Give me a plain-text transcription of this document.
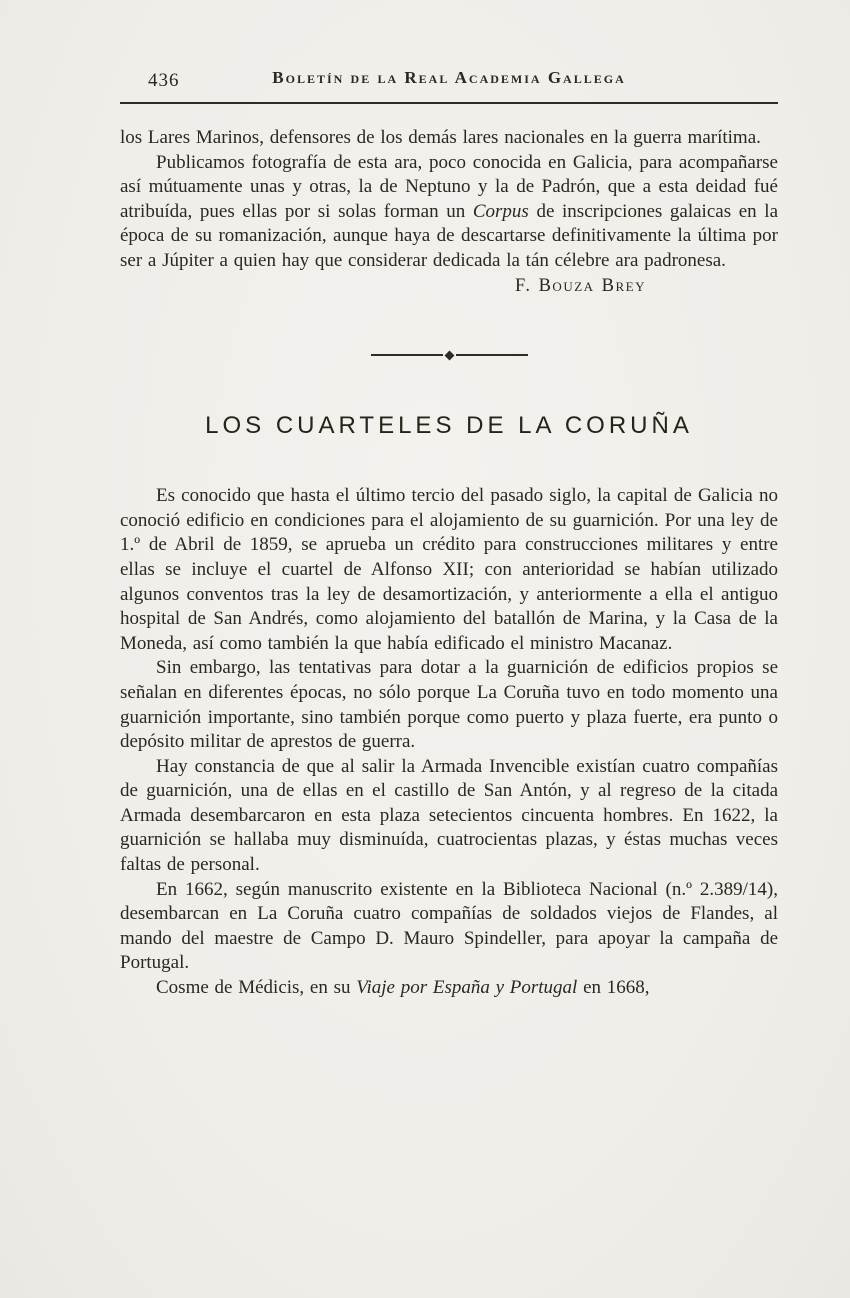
436	Boletín de la Real Academia Gallega

los Lares Marinos, defensores de los demás lares nacionales en la guerra marítima.

Publicamos fotografía de esta ara, poco conocida en Galicia, para acompañarse así mútuamente unas y otras, la de Neptuno y la de Padrón, que a esta deidad fué atribuída, pues ellas por si solas forman un Corpus de inscripciones galaicas en la época de su romanización, aunque haya de descartarse definitivamente la última por ser a Júpiter a quien hay que considerar dedicada la tán célebre ara padronesa.

F. Bouza Brey

LOS CUARTELES DE LA CORUÑA

Es conocido que hasta el último tercio del pasado siglo, la capital de Galicia no conoció edificio en condiciones para el alojamiento de su guarnición. Por una ley de 1.º de Abril de 1859, se aprueba un crédito para construcciones militares y entre ellas se incluye el cuartel de Alfonso XII; con anterioridad se habían utilizado algunos conventos tras la ley de desamortización, y anteriormente a ella el antiguo hospital de San Andrés, como alojamiento del batallón de Marina, y la Casa de la Moneda, así como también la que había edificado el ministro Macanaz.

Sin embargo, las tentativas para dotar a la guarnición de edificios propios se señalan en diferentes épocas, no sólo porque La Coruña tuvo en todo momento una guarnición importante, sino también porque como puerto y plaza fuerte, era punto o depósito militar de aprestos de guerra.

Hay constancia de que al salir la Armada Invencible existían cuatro compañías de guarnición, una de ellas en el castillo de San Antón, y al regreso de la citada Armada desembarcaron en esta plaza setecientos cincuenta hombres. En 1622, la guarnición se hallaba muy disminuída, cuatrocientas plazas, y éstas muchas veces faltas de personal.

En 1662, según manuscrito existente en la Biblioteca Nacional (n.º 2.389/14), desembarcan en La Coruña cuatro compañías de soldados viejos de Flandes, al mando del maestre de Campo D. Mauro Spindeller, para apoyar la campaña de Portugal.

Cosme de Médicis, en su Viaje por España y Portugal en 1668,
